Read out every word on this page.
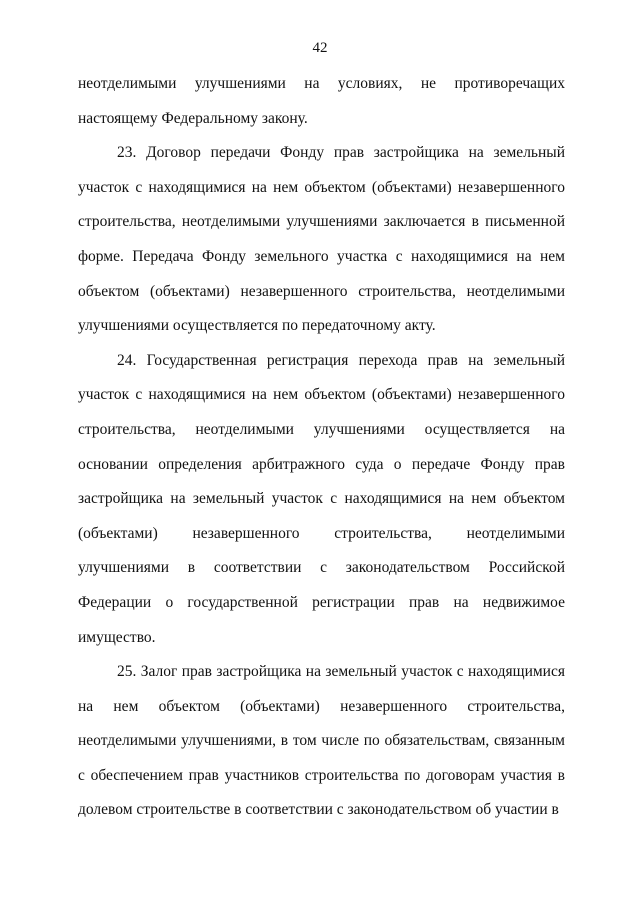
42

неотделимыми улучшениями на условиях, не противоречащих настоящему Федеральному закону.

23. Договор передачи Фонду прав застройщика на земельный участок с находящимися на нем объектом (объектами) незавершенного строительства, неотделимыми улучшениями заключается в письменной форме. Передача Фонду земельного участка с находящимися на нем объектом (объектами) незавершенного строительства, неотделимыми улучшениями осуществляется по передаточному акту.

24. Государственная регистрация перехода прав на земельный участок с находящимися на нем объектом (объектами) незавершенного строительства, неотделимыми улучшениями осуществляется на основании определения арбитражного суда о передаче Фонду прав застройщика на земельный участок с находящимися на нем объектом (объектами) незавершенного строительства, неотделимыми улучшениями в соответствии с законодательством Российской Федерации о государственной регистрации прав на недвижимое имущество.

25. Залог прав застройщика на земельный участок с находящимися на нем объектом (объектами) незавершенного строительства, неотделимыми улучшениями, в том числе по обязательствам, связанным с обеспечением прав участников строительства по договорам участия в долевом строительстве в соответствии с законодательством об участии в
